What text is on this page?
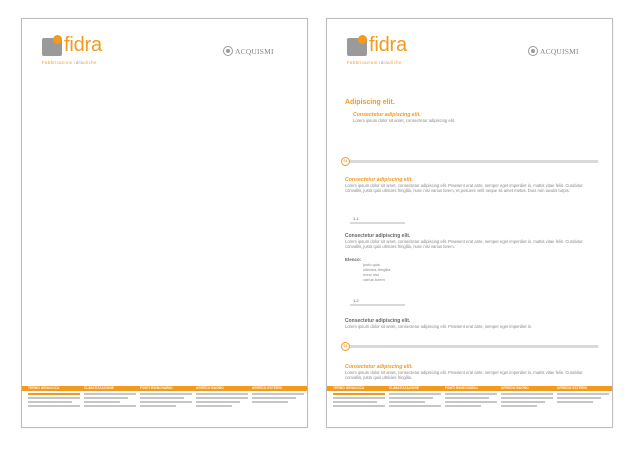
fidra
Fabbricazioni idrauliche
ACQUISMI
TERMO IDRAULICA	CLIMATIZZAZIONE	FONTI RINNOVABILI	ARREDO BAGNO	ARREDO ESTERNI
fidra
Fabbricazioni idrauliche
ACQUISMI
Adipiscing elit.
Consectetur adipiscing elit.
Lorem ipsum dolor sit amet, consectetur adipiscing elit.
01
Consectetur adipiscing elit.
Lorem ipsum dolor sit amet, consectetur adipiscing elit. Praesent erat ante, semper eget imperdiet in, mattis vitae felis. Curabitur convallis, justo quis ultricies fringilla, nunc nisi varius lorem, et posuere velit neque sit amet metus. Duis non iaculis turpis.
1.1
Consectetur adipiscing elit.
Lorem ipsum dolor sit amet, consectetur adipiscing elit. Praesent erat ante, semper eget imperdiet in, mattis vitae felis. Curabitur convallis, justo quis ultricies fringilla, nunc nisi varius lorem.
Elenco:
justo quis
ultricies fringilla
nunc nisi
varius lorem
1.2
Consectetur adipiscing elit.
Lorem ipsum dolor sit amet, consectetur adipiscing elit. Praesent erat ante, semper eget imperdiet in.
02
Consectetur adipiscing elit.
Lorem ipsum dolor sit amet, consectetur adipiscing elit. Praesent erat ante, semper eget imperdiet in, mattis vitae felis. Curabitur convallis, justo quis ultricies fringilla.
TERMO IDRAULICA	CLIMATIZZAZIONE	FONTI RINNOVABILI	ARREDO BAGNO	ARREDO ESTERNI
